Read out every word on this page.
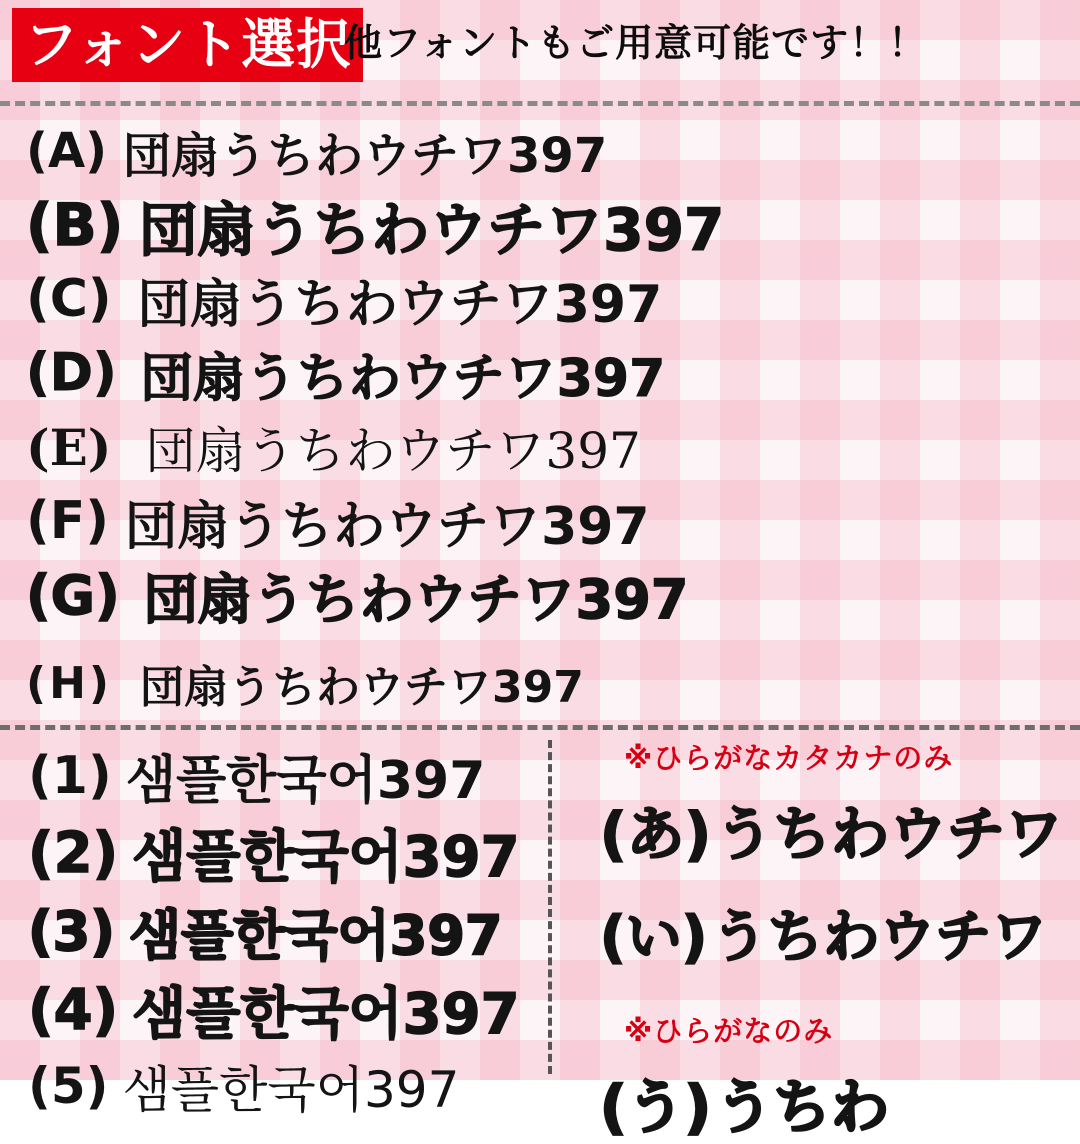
フォント選択
他フォントもご用意可能です！！
(A) 団扇うちわウチワ397
(B) 団扇うちわウチワ397
(C) 団扇うちわウチワ397
(D) 団扇うちわウチワ397
(E) 団扇うちわウチワ397
(F) 団扇うちわウチワ397
(G) 団扇うちわウチワ397
(H) 団扇うちわウチワ397
(1) 샘플한국어397
(2) 샘플한국어397
(3) 샘플한국어397
(4) 샘플한국어397
(5) 샘플한국어397
※ひらがなカタカナのみ
(あ) うちわウチワ
(い) うちわウチワ
※ひらがなのみ
(う) うちわ
